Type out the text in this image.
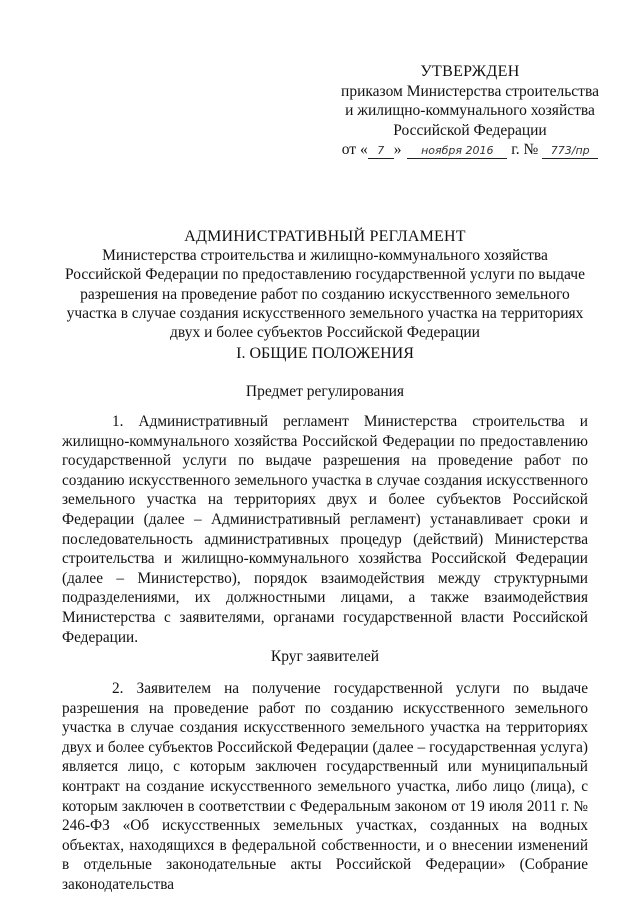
УТВЕРЖДЕН
приказом Министерства строительства
и жилищно-коммунального хозяйства
Российской Федерации
от « 7 » ноября 2016 г. № 773/пр
АДМИНИСТРАТИВНЫЙ РЕГЛАМЕНТ
Министерства строительства и жилищно-коммунального хозяйства
Российской Федерации по предоставлению государственной услуги по выдаче
разрешения на проведение работ по созданию искусственного земельного
участка в случае создания искусственного земельного участка на территориях
двух и более субъектов Российской Федерации
I. ОБЩИЕ ПОЛОЖЕНИЯ
Предмет регулирования

1. Административный регламент Министерства строительства и жилищно-коммунального хозяйства Российской Федерации по предоставлению государственной услуги по выдаче разрешения на проведение работ по созданию искусственного земельного участка в случае создания искусственного земельного участка на территориях двух и более субъектов Российской Федерации (далее – Административный регламент) устанавливает сроки и последовательность административных процедур (действий) Министерства строительства и жилищно-коммунального хозяйства Российской Федерации (далее – Министерство), порядок взаимодействия между структурными подразделениями, их должностными лицами, а также взаимодействия Министерства с заявителями, органами государственной власти Российской Федерации.

Круг заявителей

2. Заявителем на получение государственной услуги по выдаче разрешения на проведение работ по созданию искусственного земельного участка в случае создания искусственного земельного участка на территориях двух и более субъектов Российской Федерации (далее – государственная услуга) является лицо, с которым заключен государственный или муниципальный контракт на создание искусственного земельного участка, либо лицо (лица), с которым заключен в соответствии с Федеральным законом от 19 июля 2011 г. № 246-ФЗ «Об искусственных земельных участках, созданных на водных объектах, находящихся в федеральной собственности, и о внесении изменений в отдельные законодательные акты Российской Федерации» (Собрание законодательства
